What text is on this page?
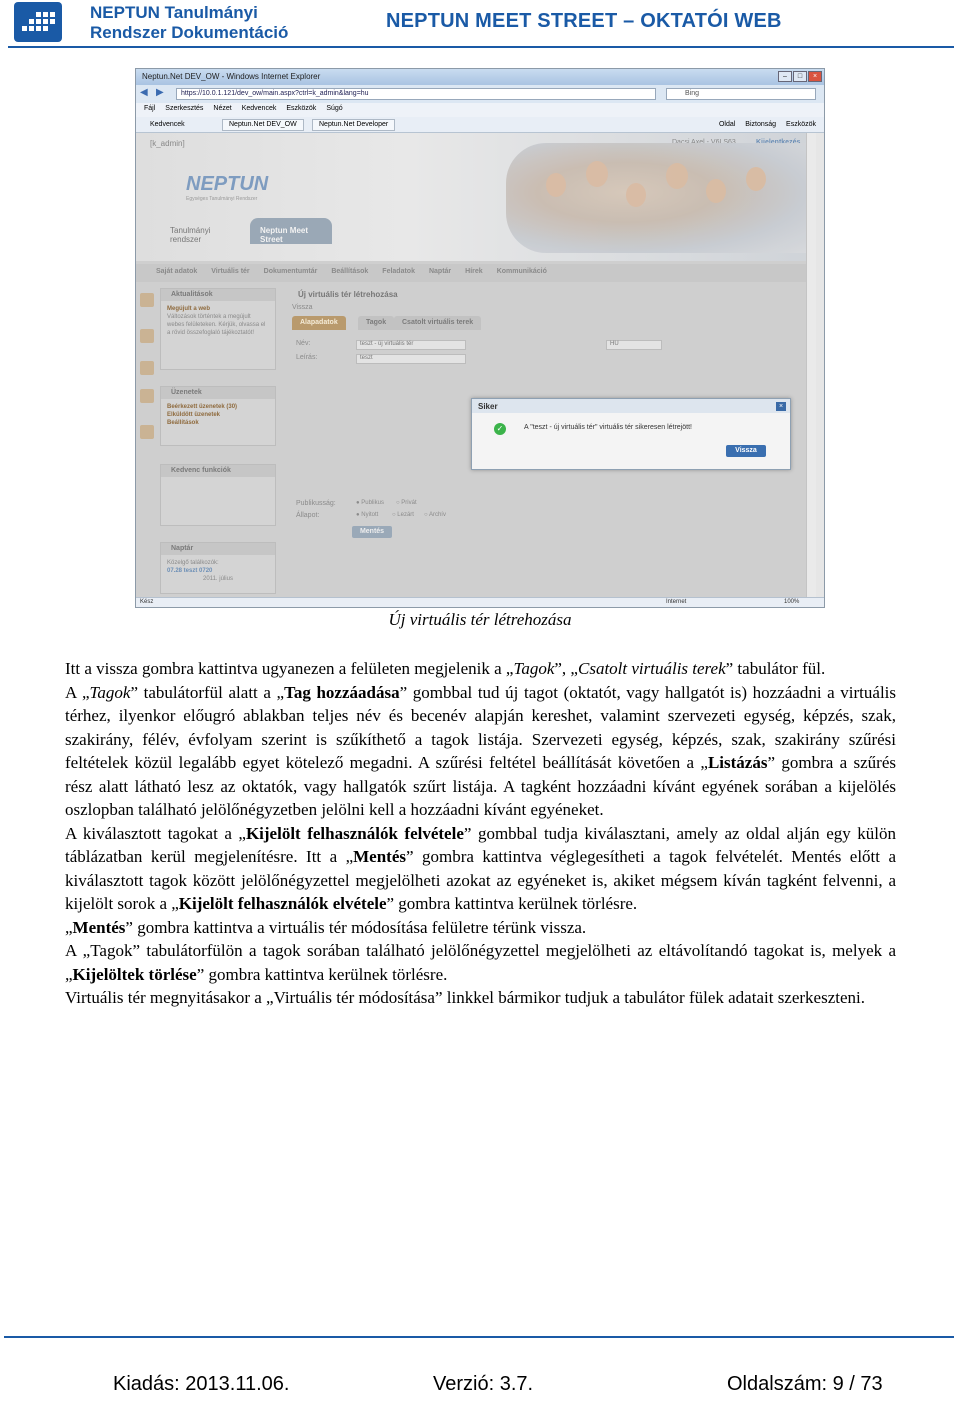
NEPTUN Tanulmányi
Rendszer Dokumentáció
NEPTUN MEET STREET – OKTATÓI WEB
Neptun.Net DEV_OW - Windows Internet Explorer	–	□	×
◀ ▶	https://10.0.1.121/dev_ow/main.aspx?ctrl=k_admin&lang=hu	Bing
Fájl Szerkesztés Nézet Kedvencek Eszközök Súgó
Kedvencek	Neptun.Net DEV_OW	Neptun.Net Developer	Oldal Biztonság Eszközök
[k_admin]
NEPTUN
Egységes Tanulmányi Rendszer
Tanulmányi rendszer
Neptun Meet Street
Saját adatok Virtuális tér Dokumentumtár Beállítások Feladatok Naptár Hírek Kommunikáció
Aktualitások
Megújult a web
Változások történtek a megújult webes felületeken. Kérjük, olvassa el a rövid összefoglaló tájékoztatót!
Üzenetek
Beérkezett üzenetek (30)
Elküldött üzenetek
Beállítások
Kedvenc funkciók
Naptár
Közelgő találkozók:
07.28 teszt 0720
2011. július
Új virtuális tér létrehozása
Vissza
Alapadatok	Tagok	Csatolt virtuális terek
Név:	teszt - új virtuális tér	HU
Leírás:	teszt
Publikusság:	● Publikus ○ Privát
Állapot:	● Nyitott ○ Lezárt ○ Archív
Mentés
Siker	×
✓	A "teszt - új virtuális tér" virtuális tér sikeresen létrejött!
Vissza
Kész	Internet	100%
Új virtuális tér létrehozása

Itt a vissza gombra kattintva ugyanezen a felületen megjelenik a „Tagok”, „Csatolt virtuális terek” tabulátor fül.

A „Tagok” tabulátorfül alatt a „Tag hozzáadása” gombbal tud új tagot (oktatót, vagy hallgatót is) hozzáadni a virtuális térhez, ilyenkor előugró ablakban teljes név és becenév alapján kereshet, valamint szervezeti egység, képzés, szak, szakirány, félév, évfolyam szerint is szűkíthető a tagok listája. Szervezeti egység, képzés, szak, szakirány szűrési feltételek közül legalább egyet kötelező megadni. A szűrési feltétel beállítását követően a „Listázás” gombra a szűrés rész alatt látható lesz az oktatók, vagy hallgatók szűrt listája. A tagként hozzáadni kívánt egyének sorában a kijelölés oszlopban található jelölőnégyzetben jelölni kell a hozzáadni kívánt egyéneket.

A kiválasztott tagokat a „Kijelölt felhasználók felvétele” gombbal tudja kiválasztani, amely az oldal alján egy külön táblázatban kerül megjelenítésre. Itt a „Mentés” gombra kattintva véglegesítheti a tagok felvételét. Mentés előtt a kiválasztott tagok között jelölőnégyzettel megjelölheti azokat az egyéneket is, akiket mégsem kíván tagként felvenni, a kijelölt sorok a „Kijelölt felhasználók elvétele” gombra kattintva kerülnek törlésre.

„Mentés” gombra kattintva a virtuális tér módosítása felületre térünk vissza.

A „Tagok” tabulátorfülön a tagok sorában található jelölőnégyzettel megjelölheti az eltávolítandó tagokat is, melyek a „Kijelöltek törlése” gombra kattintva kerülnek törlésre.

Virtuális tér megnyitásakor a „Virtuális tér módosítása” linkkel bármikor tudjuk a tabulátor fülek adatait szerkeszteni.

Kiadás: 2013.11.06.	Verzió: 3.7.	Oldalszám: 9 / 73
